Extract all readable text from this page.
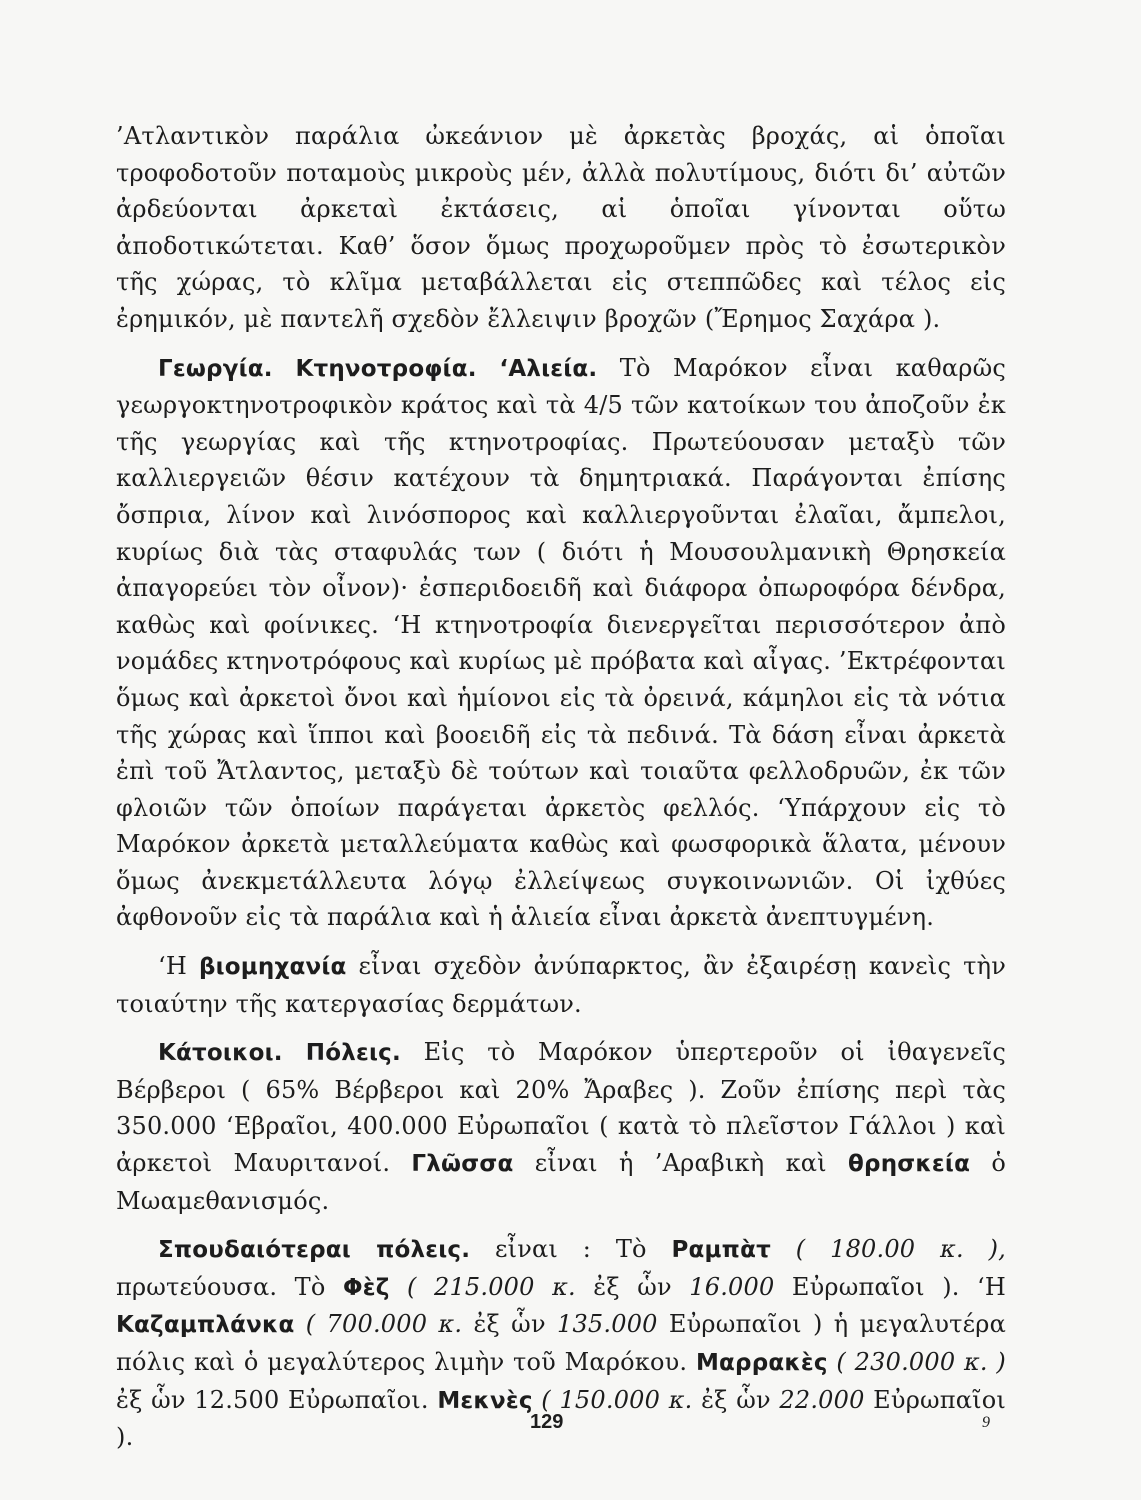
’Ατλαντικὸν παράλια ὠκεάνιον μὲ ἀρκετὰς βροχάς, αἱ ὁποῖαι τροφοδοτοῦν ποταμοὺς μικροὺς μέν, ἀλλὰ πολυτίμους, διότι δι’ αὐτῶν ἀρδεύονται ἀρκεταὶ ἐκτάσεις, αἱ ὁποῖαι γίνονται οὕτω ἀποδοτικώτεται. Καθ’ ὅσον ὅμως προχωροῦμεν πρὸς τὸ ἐσωτερικὸν τῆς χώρας, τὸ κλῖμα μεταβάλλεται εἰς στεππῶδες καὶ τέλος εἰς ἐρημικόν, μὲ παντελῆ σχεδὸν ἔλλειψιν βροχῶν (Ἔρημος Σαχάρα ).

Γεωργία. Κτηνοτροφία. ‘Αλιεία. Τὸ Μαρόκον εἶναι καθαρῶς γεωργοκτηνοτροφικὸν κράτος καὶ τὰ 4/5 τῶν κατοίκων του ἀποζοῦν ἐκ τῆς γεωργίας καὶ τῆς κτηνοτροφίας. Πρωτεύουσαν μεταξὺ τῶν καλλιεργειῶν θέσιν κατέχουν τὰ δημητριακά. Παράγονται ἐπίσης ὄσπρια, λίνον καὶ λινόσπορος καὶ καλλιεργοῦνται ἐλαῖαι, ἄμπελοι, κυρίως διὰ τὰς σταφυλάς των ( διότι ἡ Μουσουλμανικὴ Θρησκεία ἀπαγορεύει τὸν οἶνον)· ἐσπεριδοειδῆ καὶ διάφορα ὀπωροφόρα δένδρα, καθὼς καὶ φοίνικες. ‘Η κτηνοτροφία διενεργεῖται περισσότερον ἀπὸ νομάδες κτηνοτρόφους καὶ κυρίως μὲ πρόβατα καὶ αἶγας. ’Εκτρέφονται ὅμως καὶ ἀρκετοὶ ὄνοι καὶ ἡμίονοι εἰς τὰ ὀρεινά, κάμηλοι εἰς τὰ νότια τῆς χώρας καὶ ἵπποι καὶ βοοειδῆ εἰς τὰ πεδινά. Τὰ δάση εἶναι ἀρκετὰ ἐπὶ τοῦ Ἄτλαντος, μεταξὺ δὲ τούτων καὶ τοιαῦτα φελλοδρυῶν, ἐκ τῶν φλοιῶν τῶν ὁποίων παράγεται ἀρκετὸς φελλός. ‘Υπάρχουν εἰς τὸ Μαρόκον ἀρκετὰ μεταλλεύματα καθὼς καὶ φωσφορικὰ ἅλατα, μένουν ὅμως ἀνεκμετάλλευτα λόγῳ ἐλλείψεως συγκοινωνιῶν. Οἱ ἰχθύες ἀφθονοῦν εἰς τὰ παράλια καὶ ἡ ἁλιεία εἶναι ἀρκετὰ ἀνεπτυγμένη.

‘Η βιομηχανία εἶναι σχεδὸν ἀνύπαρκτος, ἂν ἐξαιρέσῃ κανεὶς τὴν τοιαύτην τῆς κατεργασίας δερμάτων.

Κάτοικοι. Πόλεις. Εἰς τὸ Μαρόκον ὑπερτεροῦν οἱ ἰθαγενεῖς Βέρβεροι ( 65% Βέρβεροι καὶ 20% Ἄραβες ). Ζοῦν ἐπίσης περὶ τὰς 350.000 ‘Εβραῖοι, 400.000 Εὐρωπαῖοι ( κατὰ τὸ πλεῖστον Γάλλοι ) καὶ ἀρκετοὶ Μαυριτανοί. Γλῶσσα εἶναι ἡ ’Αραβικὴ καὶ θρησκεία ὁ Μωαμεθανισμός.

Σπουδαιότεραι πόλεις. εἶναι : Τὸ Ραμπὰτ ( 180.00 κ. ), πρωτεύουσα. Τὸ Φὲζ ( 215.000 κ. ἐξ ὧν 16.000 Εὐρωπαῖοι ). ‘Η Καζαμπλάνκα ( 700.000 κ. ἐξ ὧν 135.000 Εὐρωπαῖοι ) ἡ μεγαλυτέρα πόλις καὶ ὁ μεγαλύτερος λιμὴν τοῦ Μαρόκου. Μαρρακὲς ( 230.000 κ. ) ἐξ ὧν 12.500 Εὐρωπαῖοι. Μεκνὲς ( 150.000 κ. ἐξ ὧν 22.000 Εὐρωπαῖοι ).

129	9
